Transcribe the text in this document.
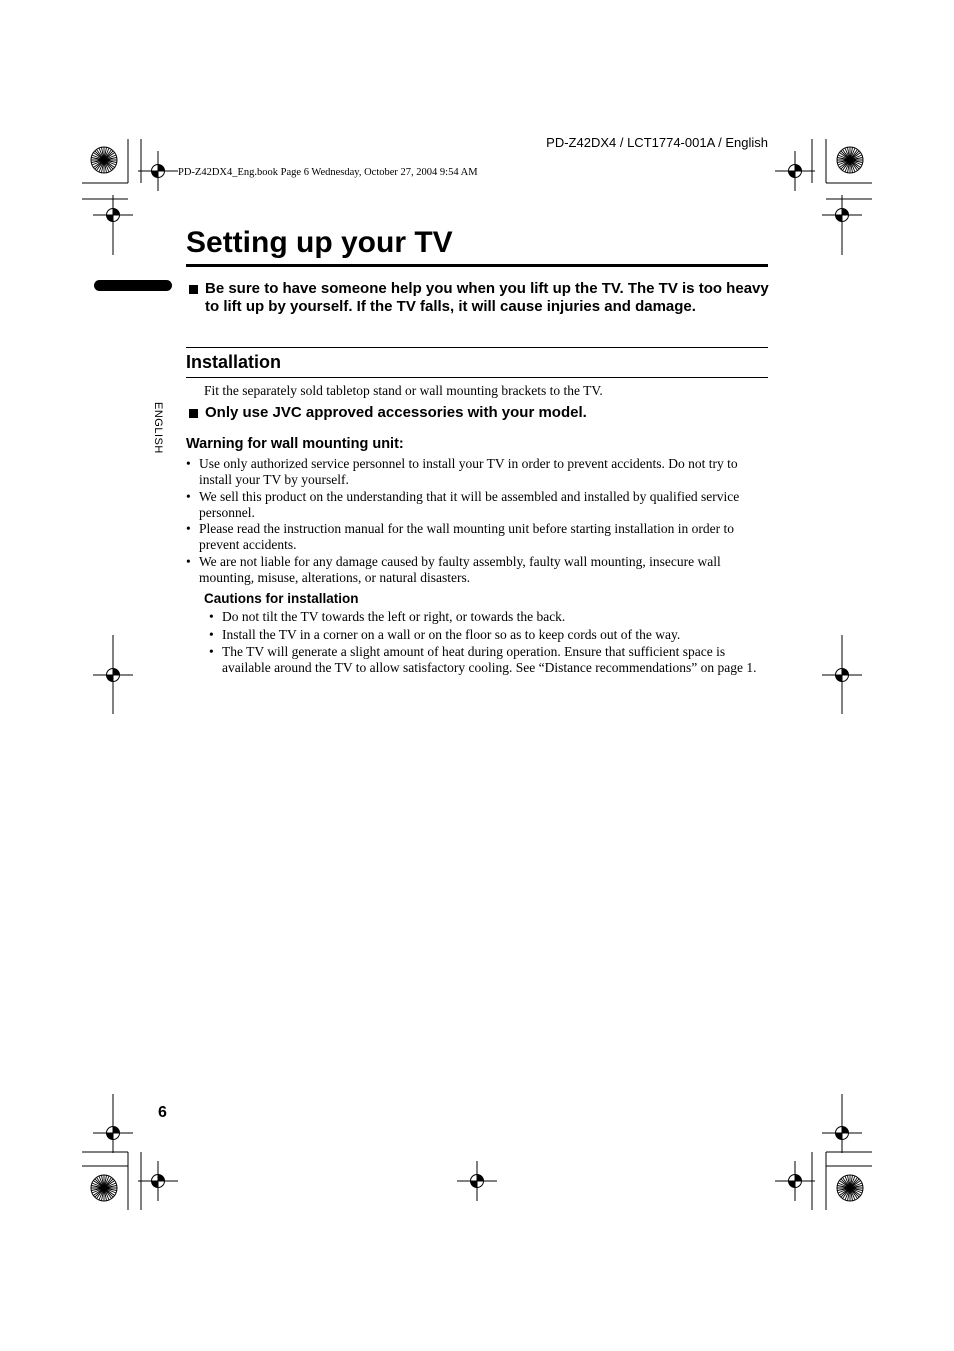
PD-Z42DX4 / LCT1774-001A / English
PD-Z42DX4_Eng.book Page 6 Wednesday, October 27, 2004 9:54 AM
Setting up your TV
ENGLISH
Be sure to have someone help you when you lift up the TV. The TV is too heavy to lift up by yourself. If the TV falls, it will cause injuries and damage.
Installation
Fit the separately sold tabletop stand or wall mounting brackets to the TV.
Only use JVC approved accessories with your model.
Warning for wall mounting unit:
• Use only authorized service personnel to install your TV in order to prevent accidents. Do not try to install your TV by yourself.
• We sell this product on the understanding that it will be assembled and installed by qualified service personnel.
• Please read the instruction manual for the wall mounting unit before starting installation in order to prevent accidents.
• We are not liable for any damage caused by faulty assembly, faulty wall mounting, insecure wall mounting, misuse, alterations, or natural disasters.
Cautions for installation
• Do not tilt the TV towards the left or right, or towards the back.
• Install the TV in a corner on a wall or on the floor so as to keep cords out of the way.
• The TV will generate a slight amount of heat during operation. Ensure that sufficient space is available around the TV to allow satisfactory cooling. See “Distance recommendations” on page 1.
6
